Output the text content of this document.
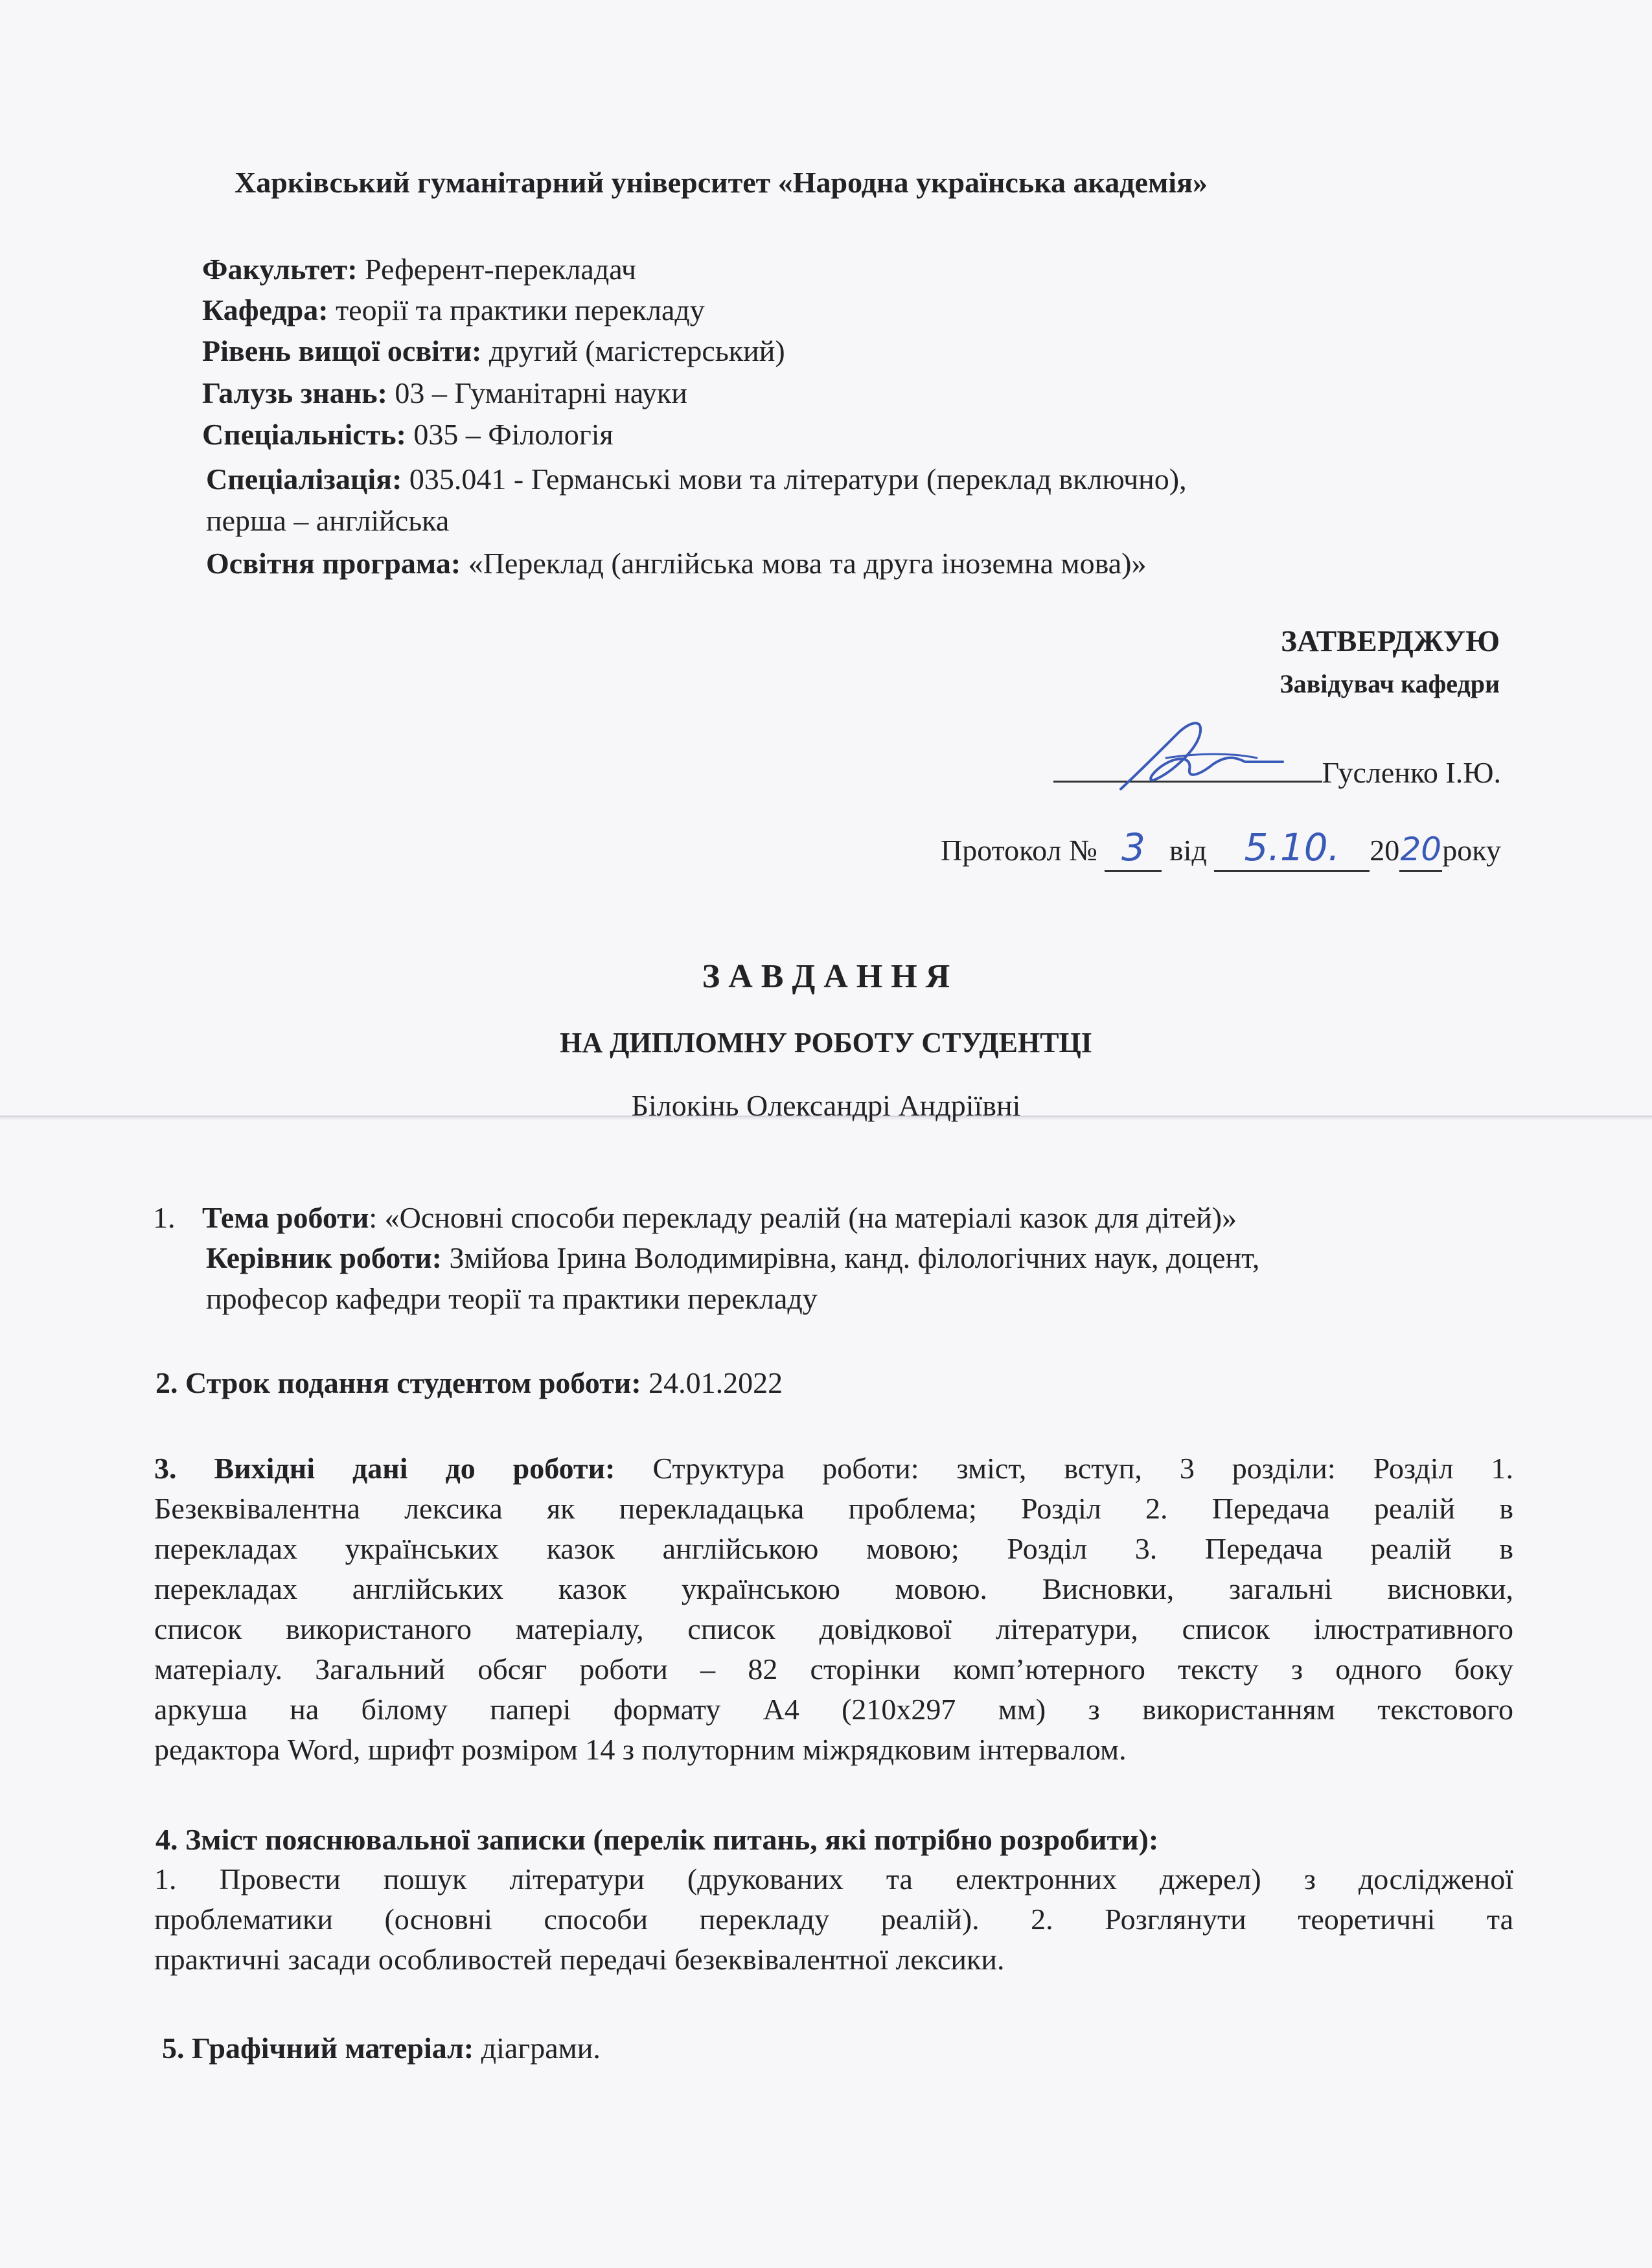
Харківський гуманітарний університет «Народна українська академія»
Факультет: Референт-перекладач
Кафедра: теорії та практики перекладу
Рівень вищої освіти: другий (магістерський)
Галузь знань: 03 – Гуманітарні науки
Спеціальність: 035 – Філологія
Спеціалізація: 035.041 - Германські мови та літератури (переклад включно),
перша – англійська
Освітня програма: «Переклад (англійська мова та друга іноземна мова)»
ЗАТВЕРДЖУЮ
Завідувач кафедри
Гусленко І.Ю.
Протокол № 3 від 5.10. 2020року
З А В Д А Н Н Я
НА ДИПЛОМНУ РОБОТУ СТУДЕНТЦІ
Білокінь Олександрі Андріївні
1. Тема роботи: «Основні способи перекладу реалій (на матеріалі казок для дітей)»
Керівник роботи: Змійова Ірина Володимирівна, канд. філологічних наук, доцент,
професор кафедри теорії та практики перекладу
2. Строк подання студентом роботи: 24.01.2022
3. Вихідні дані до роботи: Структура роботи: зміст, вступ, 3 розділи: Розділ 1.
Безеквівалентна лексика як перекладацька проблема; Розділ 2. Передача реалій в
перекладах українських казок англійською мовою; Розділ 3. Передача реалій в
перекладах англійських казок українською мовою. Висновки, загальні висновки,
список використаного матеріалу, список довідкової літератури, список ілюстративного
матеріалу. Загальний обсяг роботи – 82 сторінки комп’ютерного тексту з одного боку
аркуша на білому папері формату А4 (210х297 мм) з використанням текстового
редактора Word, шрифт розміром 14 з полуторним міжрядковим інтервалом.
4. Зміст пояснювальної записки (перелік питань, які потрібно розробити):
1. Провести пошук літератури (друкованих та електронних джерел) з дослідженої
проблематики (основні способи перекладу реалій). 2. Розглянути теоретичні та
практичні засади особливостей передачі безеквівалентної лексики.
5. Графічний матеріал: діаграми.
